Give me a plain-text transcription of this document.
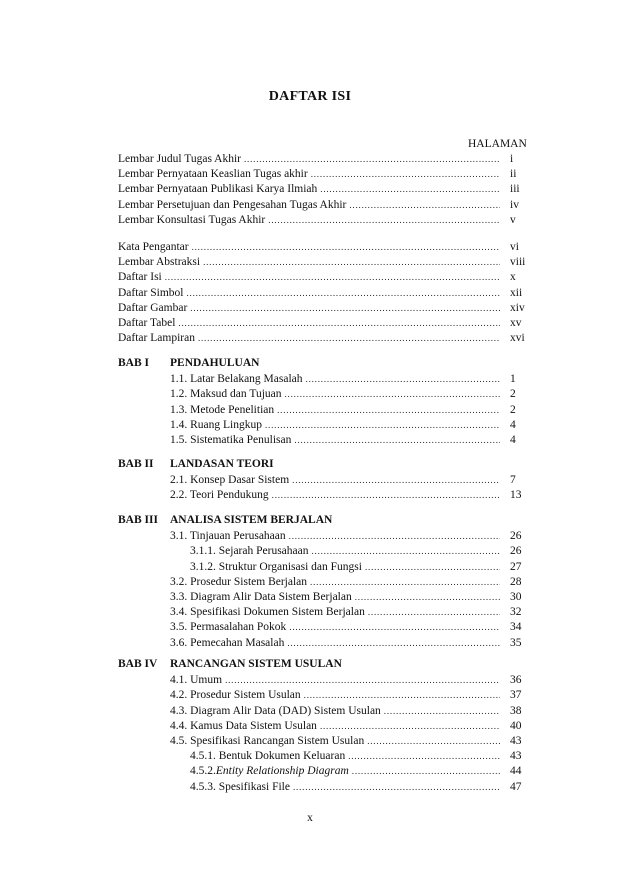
DAFTAR ISI
HALAMAN
Lembar Judul Tugas Akhir .....	i
Lembar Pernyataan Keaslian Tugas akhir .....	ii
Lembar Pernyataan Publikasi Karya Ilmiah .....	iii
Lembar Persetujuan dan Pengesahan Tugas Akhir .....	iv
Lembar Konsultasi Tugas Akhir .....	v
Kata Pengantar .....	vi
Lembar Abstraksi .....	viii
Daftar Isi .....	x
Daftar Simbol .....	xii
Daftar Gambar .....	xiv
Daftar Tabel .....	xv
Daftar Lampiran .....	xvi
BAB I PENDAHULUAN
1.1. Latar Belakang Masalah .....	1
1.2. Maksud dan Tujuan .....	2
1.3. Metode Penelitian .....	2
1.4. Ruang Lingkup .....	4
1.5. Sistematika Penulisan .....	4
BAB II LANDASAN TEORI
2.1. Konsep Dasar Sistem .....	7
2.2. Teori Pendukung .....	13
BAB III ANALISA SISTEM BERJALAN
3.1. Tinjauan Perusahaan .....	26
3.1.1. Sejarah Perusahaan .....	26
3.1.2. Struktur Organisasi dan Fungsi .....	27
3.2. Prosedur Sistem Berjalan .....	28
3.3. Diagram Alir Data Sistem Berjalan .....	30
3.4. Spesifikasi Dokumen Sistem Berjalan .....	32
3.5. Permasalahan Pokok .....	34
3.6. Pemecahan Masalah .....	35
BAB IV RANCANGAN SISTEM USULAN
4.1. Umum .....	36
4.2. Prosedur Sistem Usulan .....	37
4.3. Diagram Alir Data (DAD) Sistem Usulan .....	38
4.4. Kamus Data Sistem Usulan .....	40
4.5. Spesifikasi Rancangan Sistem Usulan .....	43
4.5.1. Bentuk Dokumen Keluaran .....	43
4.5.2. Entity Relationship Diagram .....	44
4.5.3. Spesifikasi File .....	47
x
